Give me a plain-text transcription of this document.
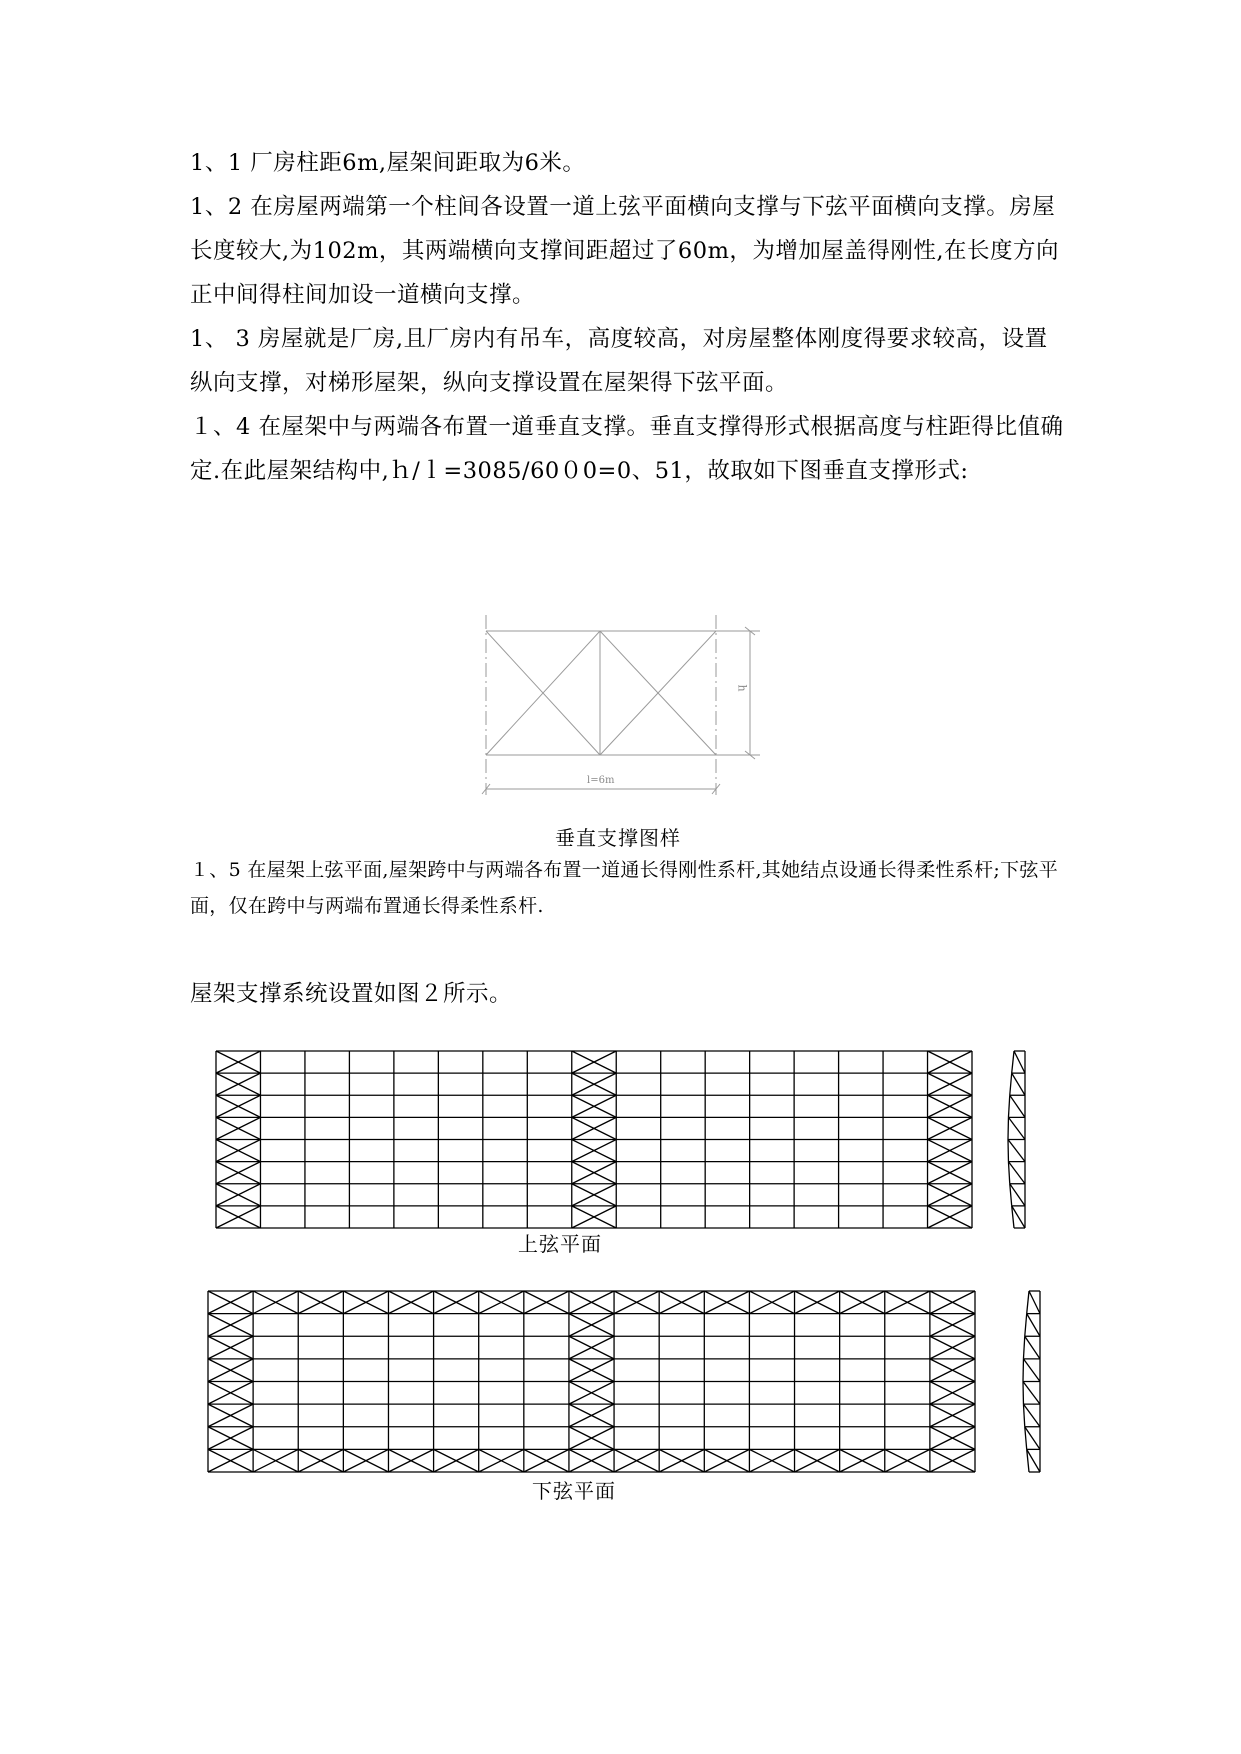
1、1 厂房柱距6m,屋架间距取为6米。

1、2 在房屋两端第一个柱间各设置一道上弦平面横向支撑与下弦平面横向支撑。房屋长度较大,为102m，其两端横向支撑间距超过了60m，为增加屋盖得刚性,在长度方向正中间得柱间加设一道横向支撑。

1、 3 房屋就是厂房,且厂房内有吊车，高度较高，对房屋整体刚度得要求较高，设置纵向支撑，对梯形屋架，纵向支撑设置在屋架得下弦平面。

１、4 在屋架中与两端各布置一道垂直支撑。垂直支撑得形式根据高度与柱距得比值确定.在此屋架结构中,ｈ/ｌ=3085/60０0=0、51，故取如下图垂直支撑形式:

１、5 在屋架上弦平面,屋架跨中与两端各布置一道通长得刚性系杆,其她结点设通长得柔性系杆;下弦平面，仅在跨中与两端布置通长得柔性系杆.

屋架支撑系统设置如图２所示。

h
l=6m
垂直支撑图样
上弦平面
下弦平面
